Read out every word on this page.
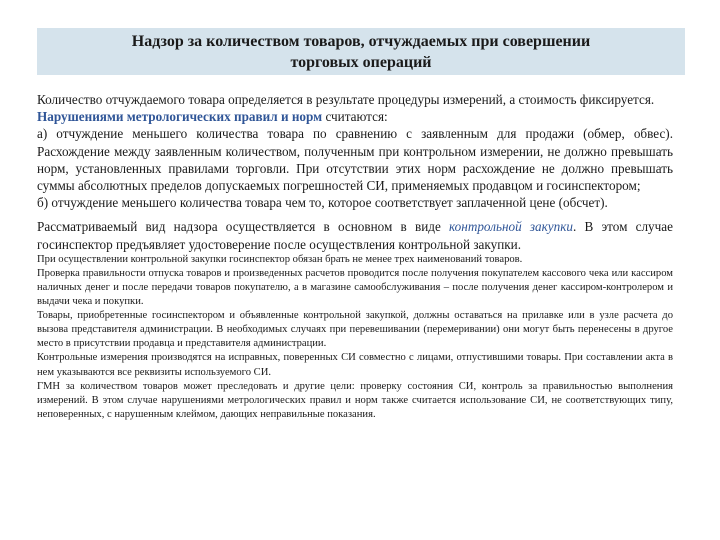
Надзор за количеством товаров, отчуждаемых при совершении
торговых операций

Количество отчуждаемого товара определяется в результате процедуры измерений, а стоимость фиксируется.

Нарушениями метрологических правил и норм считаются:

а) отчуждение меньшего количества товара по сравнению с заявленным для продажи (обмер, обвес). Расхождение между заявленным количеством, полученным при контрольном измерении, не должно превышать норм, установленных правилами торговли. При отсутствии этих норм расхождение не должно превышать суммы абсолютных пределов допускаемых погрешностей СИ, применяемых продавцом и госинспектором;

б) отчуждение меньшего количества товара чем то, которое соответствует заплаченной цене (обсчет).

Рассматриваемый вид надзора осуществляется в основном в виде контрольной закупки. В этом случае госинспектор предъявляет удостоверение после осуществления контрольной закупки.

При осуществлении контрольной закупки госинспектор обязан брать не менее трех наименований товаров.

Проверка правильности отпуска товаров и произведенных расчетов проводится после получения покупателем кассового чека или кассиром наличных денег и после передачи товаров покупателю, а в магазине самообслуживания – после получения денег кассиром-контролером и выдачи чека и покупки.

Товары, приобретенные госинспектором и объявленные контрольной закупкой, должны оставаться на прилавке или в узле расчета до вызова представителя администрации. В необходимых случаях при перевешивании (перемеривании) они могут быть перенесены в другое место в присутствии продавца и представителя администрации.

Контрольные измерения производятся на исправных, поверенных СИ совместно с лицами, отпустившими товары. При составлении акта в нем указываются все реквизиты используемого СИ.

ГМН за количеством товаров может преследовать и другие цели: проверку состояния СИ, контроль за правильностью выполнения измерений. В этом случае нарушениями метрологических правил и норм также считается использование СИ, не соответствующих типу, неповеренных, с нарушенным клеймом, дающих неправильные показания.
